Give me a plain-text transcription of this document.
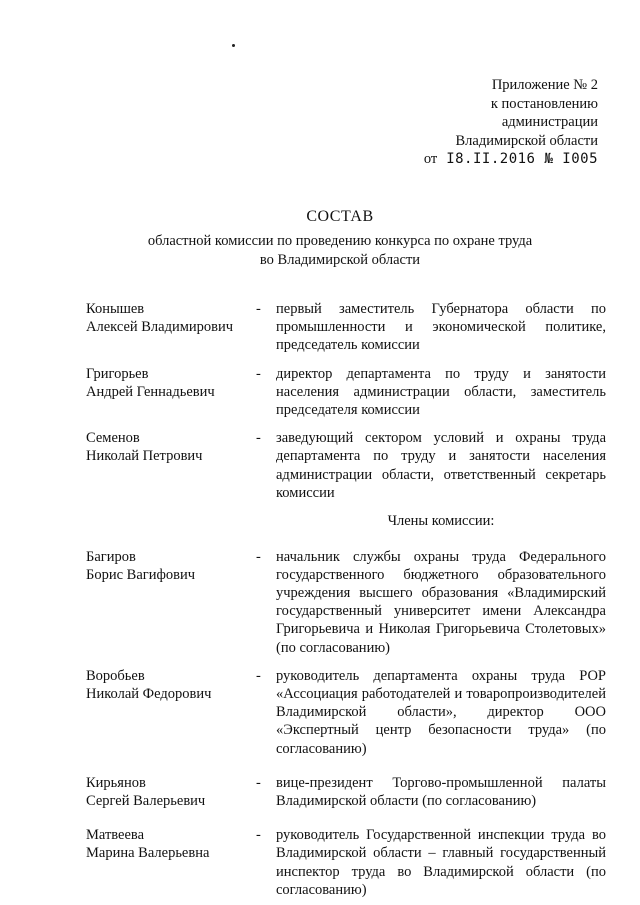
Приложение № 2
к постановлению
администрации
Владимирской области
от I8.II.2016 № I005
СОСТАВ
областной комиссии по проведению конкурса по охране труда
во Владимирской области
Конышев
Алексей Владимирович
-	первый заместитель Губернатора области по промышленности и экономической политике, председатель комиссии
Григорьев
Андрей Геннадьевич
-	директор департамента по труду и занятости населения администрации области, заместитель председателя комиссии
Семенов
Николай Петрович
-	заведующий сектором условий и охраны труда департамента по труду и занятости населения администрации области, ответственный секретарь комиссии
Члены комиссии:
Багиров
Борис Вагифович
-	начальник службы охраны труда Федерального государственного бюджетного образовательного учреждения высшего образования «Владимирский государственный университет имени Александра Григорьевича и Николая Григорьевича Столетовых» (по согласованию)
Воробьев
Николай Федорович
-	руководитель департамента охраны труда РОР «Ассоциация работодателей и товаропроизводителей Владимирской области», директор ООО «Экспертный центр безопасности труда» (по согласованию)
Кирьянов
Сергей Валерьевич
-	вице-президент Торгово-промышленной палаты Владимирской области (по согласованию)
Матвеева
Марина Валерьевна
-	руководитель Государственной инспекции труда во Владимирской области – главный государственный инспектор труда во Владимирской области (по согласованию)
